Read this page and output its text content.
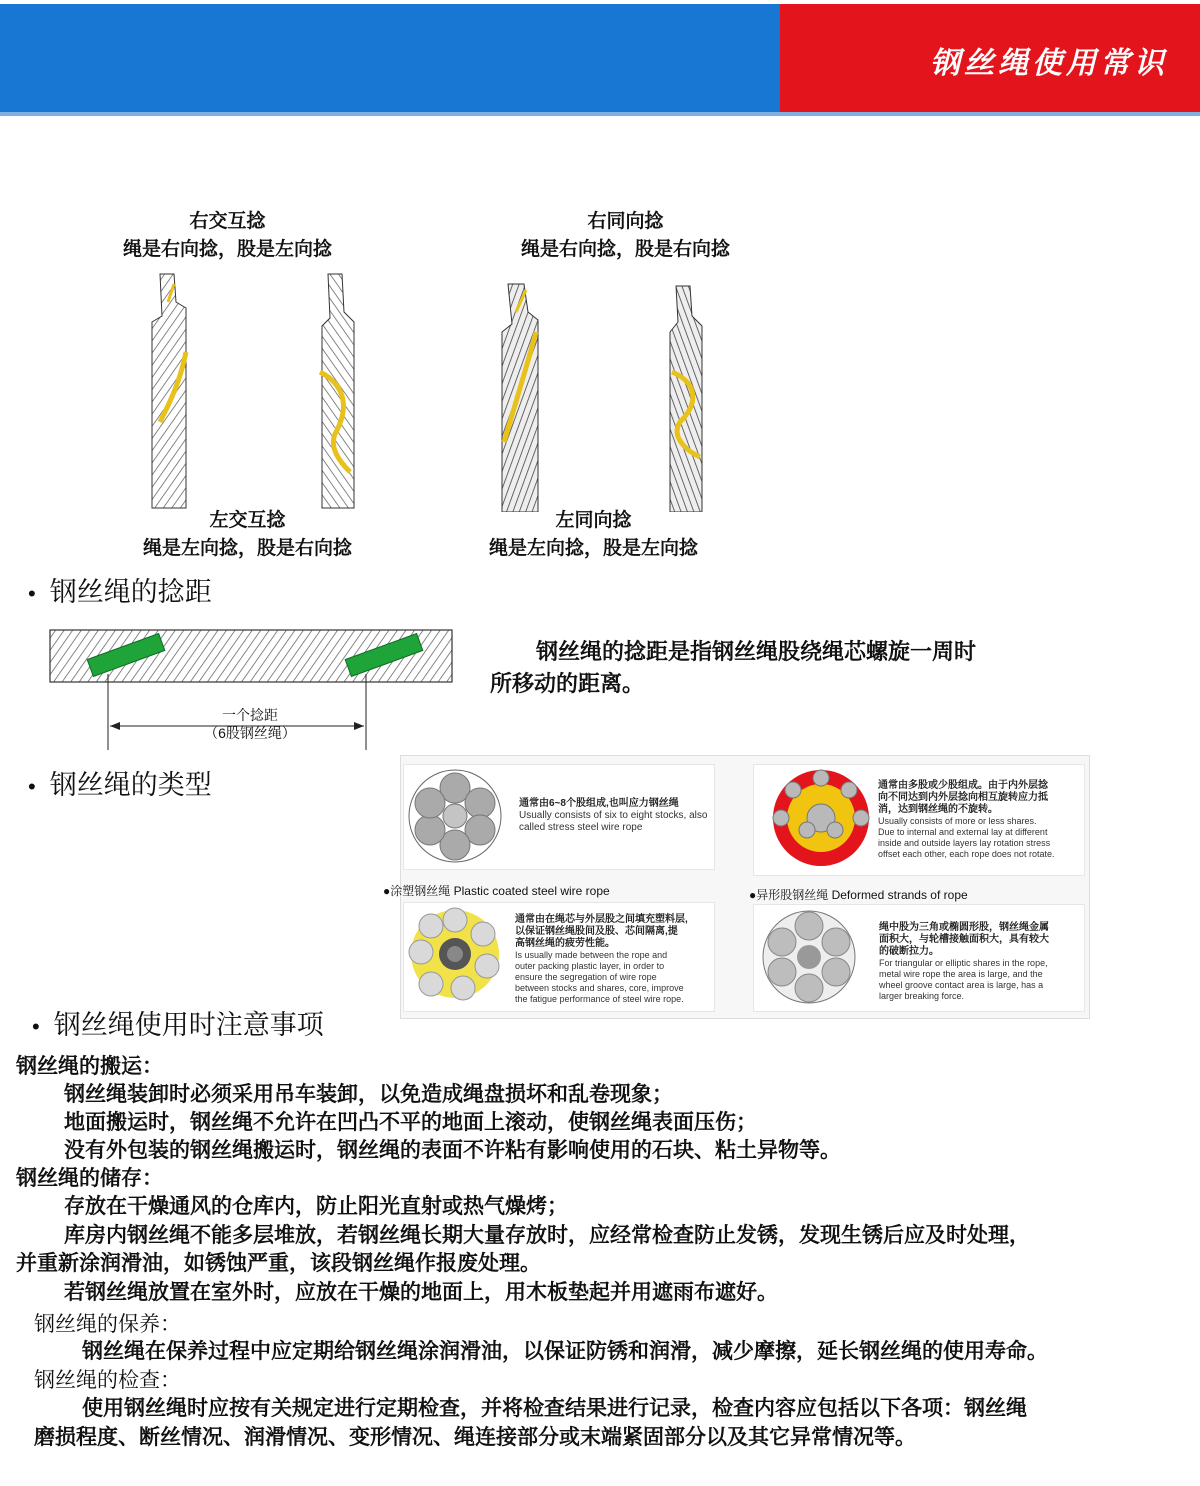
钢丝绳使用常识
右交互捻
绳是右向捻，股是左向捻
右同向捻
绳是右向捻，股是右向捻
左交互捻
绳是左向捻，股是右向捻
左同向捻
绳是左向捻，股是左向捻
• 钢丝绳的捻距
一个捻距
（6股钢丝绳）
钢丝绳的捻距是指钢丝绳股绕绳芯螺旋一周时
所移动的距离。
• 钢丝绳的类型
通常由6~8个股组成,也叫应力钢丝绳
Usually consists of six to eight stocks, also
called stress steel wire rope
通常由多股或少股组成。由于内外层捻
向不同达到内外层捻向相互旋转应力抵
消，达到钢丝绳的不旋转。
Usually consists of more or less shares.
Due to internal and external lay at different
inside and outside layers lay rotation stress
offset each other, each rope does not rotate.
●涂塑钢丝绳 Plastic coated steel wire rope	●异形股钢丝绳 Deformed strands of rope
通常由在绳芯与外层股之间填充塑料层,
以保证钢丝绳股间及股、芯间隔离,提
高钢丝绳的疲劳性能。
Is usually made between the rope and
outer packing plastic layer, in order to
ensure the segregation of wire rope
between stocks and shares, core, improve
the fatigue performance of steel wire rope.
绳中股为三角或椭圆形股，钢丝绳金属
面积大，与轮槽接触面积大，具有较大
的破断拉力。
For triangular or elliptic shares in the rope,
metal wire rope the area is large, and the
wheel groove contact area is large, has a
larger breaking force.
• 钢丝绳使用时注意事项
钢丝绳的搬运：
钢丝绳装卸时必须采用吊车装卸，以免造成绳盘损坏和乱卷现象；
地面搬运时，钢丝绳不允许在凹凸不平的地面上滚动，使钢丝绳表面压伤；
没有外包装的钢丝绳搬运时，钢丝绳的表面不许粘有影响使用的石块、粘土异物等。
钢丝绳的储存：
存放在干燥通风的仓库内，防止阳光直射或热气燥烤；
库房内钢丝绳不能多层堆放，若钢丝绳长期大量存放时，应经常检查防止发锈，发现生锈后应及时处理，
并重新涂润滑油，如锈蚀严重，该段钢丝绳作报废处理。
若钢丝绳放置在室外时，应放在干燥的地面上，用木板垫起并用遮雨布遮好。
钢丝绳的保养：
钢丝绳在保养过程中应定期给钢丝绳涂润滑油，以保证防锈和润滑，减少摩擦，延长钢丝绳的使用寿命。
钢丝绳的检查：
使用钢丝绳时应按有关规定进行定期检查，并将检查结果进行记录，检查内容应包括以下各项：钢丝绳
磨损程度、断丝情况、润滑情况、变形情况、绳连接部分或末端紧固部分以及其它异常情况等。
